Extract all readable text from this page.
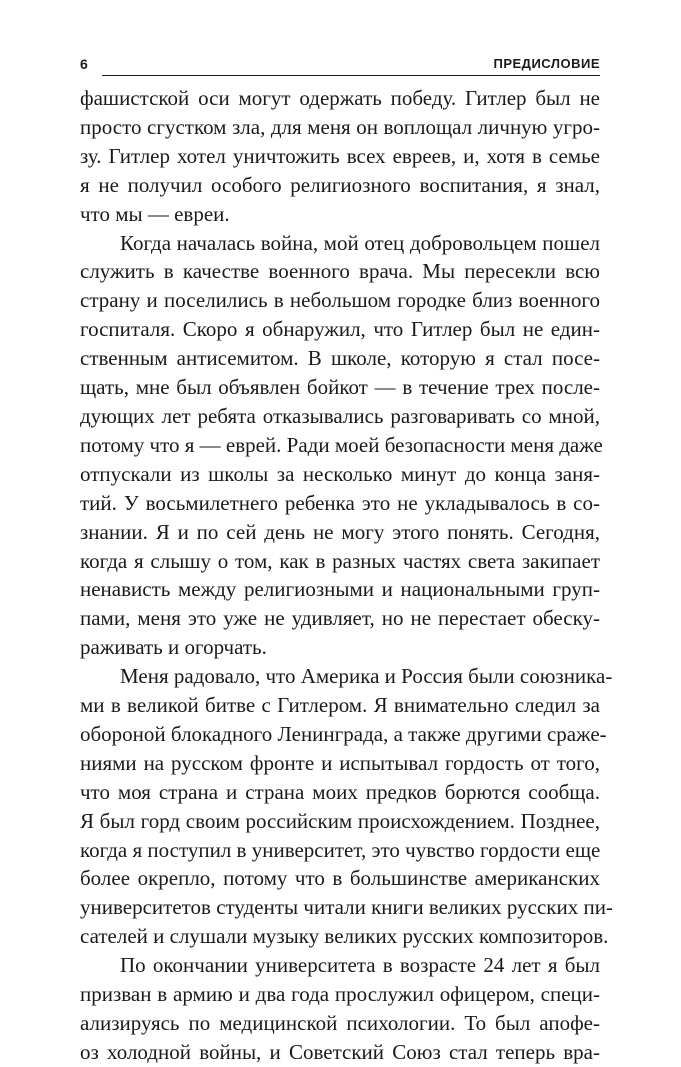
6	ПРЕДИСЛОВИЕ
фашистской оси могут одержать победу. Гитлер был не
просто сгустком зла, для меня он воплощал личную угро-
зу. Гитлер хотел уничтожить всех евреев, и, хотя в семье
я не получил особого религиозного воспитания, я знал,
что мы — евреи.
Когда началась война, мой отец добровольцем пошел
служить в качестве военного врача. Мы пересекли всю
страну и поселились в небольшом городке близ военного
госпиталя. Скоро я обнаружил, что Гитлер был не един-
ственным антисемитом. В школе, которую я стал посе-
щать, мне был объявлен бойкот — в течение трех после-
дующих лет ребята отказывались разговаривать со мной,
потому что я — еврей. Ради моей безопасности меня даже
отпускали из школы за несколько минут до конца заня-
тий. У восьмилетнего ребенка это не укладывалось в со-
знании. Я и по сей день не могу этого понять. Сегодня,
когда я слышу о том, как в разных частях света закипает
ненависть между религиозными и национальными груп-
пами, меня это уже не удивляет, но не перестает обеску-
раживать и огорчать.
Меня радовало, что Америка и Россия были союзника-
ми в великой битве с Гитлером. Я внимательно следил за
обороной блокадного Ленинграда, а также другими сраже-
ниями на русском фронте и испытывал гордость от того,
что моя страна и страна моих предков борются сообща.
Я был горд своим российским происхождением. Позднее,
когда я поступил в университет, это чувство гордости еще
более окрепло, потому что в большинстве американских
университетов студенты читали книги великих русских пи-
сателей и слушали музыку великих русских композиторов.
По окончании университета в возрасте 24 лет я был
призван в армию и два года прослужил офицером, специ-
ализируясь по медицинской психологии. То был апофе-
оз холодной войны, и Советский Союз стал теперь вра-
